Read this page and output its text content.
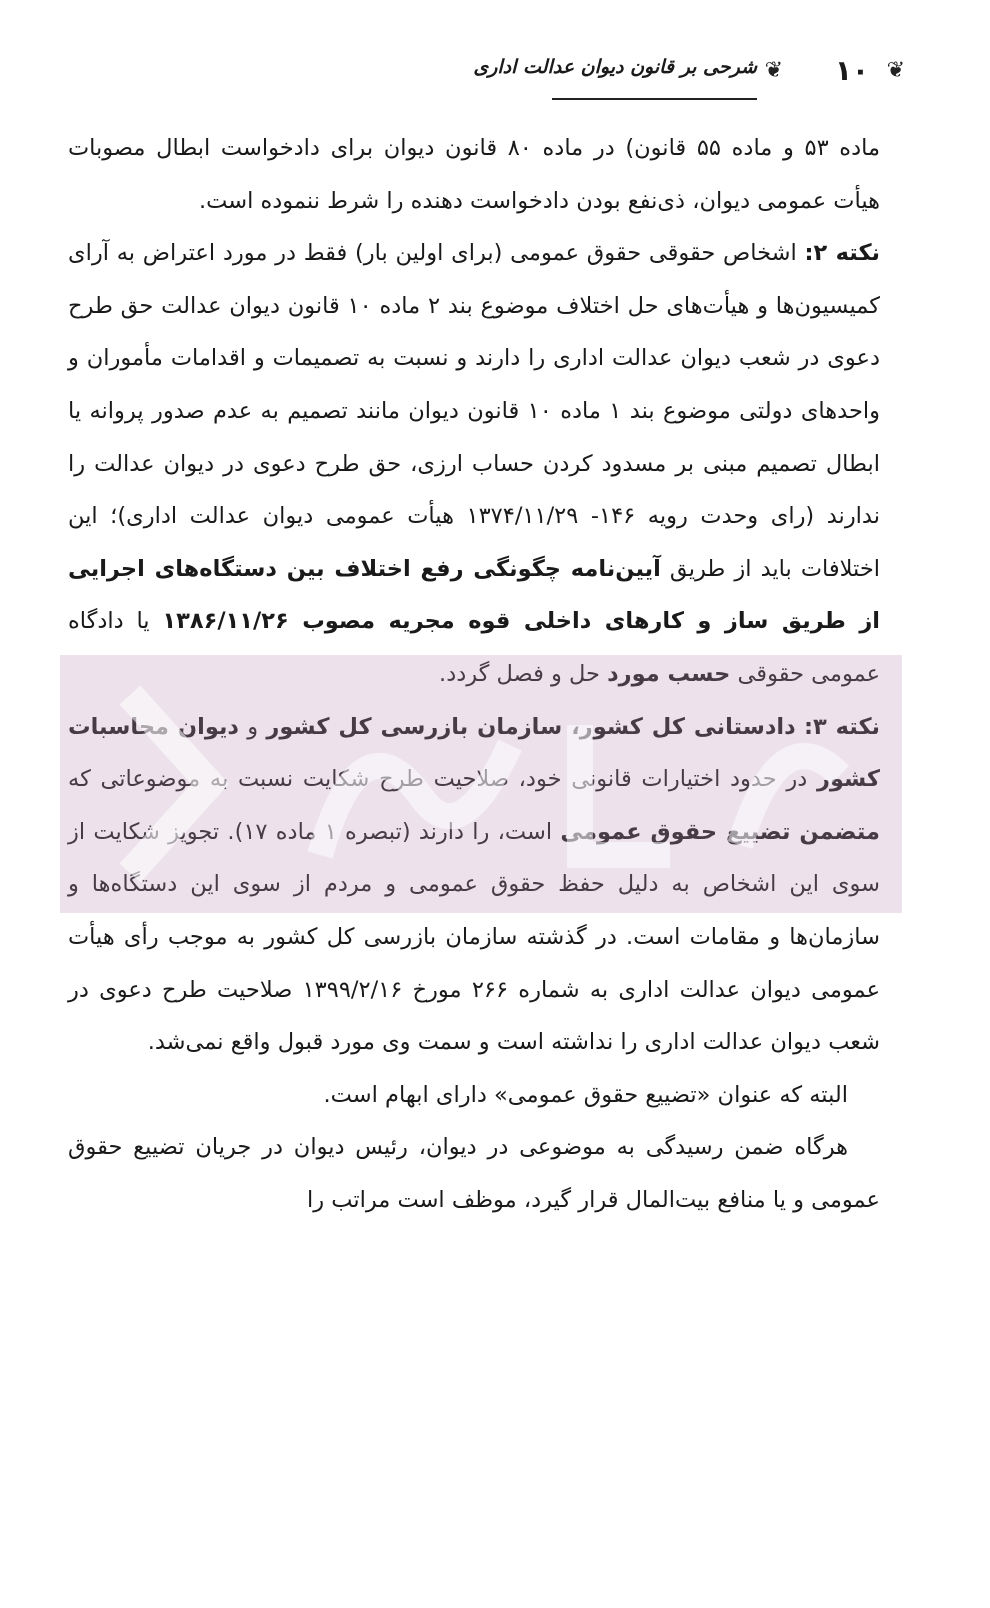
❦
۱۰
❦
شرحی بر قانون دیوان عدالت اداری

ماده ۵۳ و ماده ۵۵ قانون) در ماده ۸۰ قانون دیوان برای دادخواست ابطال مصوبات هیأت عمومی دیوان، ذی‌نفع بودن دادخواست دهنده را شرط ننموده است.

نکته ۲: اشخاص حقوقی حقوق عمومی (برای اولین بار) فقط در مورد اعتراض به آرای کمیسیون‌ها و هیأت‌های حل اختلاف موضوع بند ۲ ماده ۱۰ قانون دیوان عدالت حق طرح دعوی در شعب دیوان عدالت اداری را دارند و نسبت به تصمیمات و اقدامات مأموران و واحدهای دولتی موضوع بند ۱ ماده ۱۰ قانون دیوان مانند تصمیم به عدم صدور پروانه یا ابطال تصمیم مبنی بر مسدود کردن حساب ارزی، حق طرح دعوی در دیوان عدالت را ندارند (رای وحدت رویه ۱۴۶- ۱۳۷۴/۱۱/۲۹ هیأت عمومی دیوان عدالت اداری)؛ این اختلافات باید از طریق آیین‌نامه چگونگی رفع اختلاف بین دستگاه‌های اجرایی از طریق ساز و کارهای داخلی قوه مجریه مصوب ۱۳۸۶/۱۱/۲۶ یا دادگاه عمومی حقوقی حسب مورد حل و فصل گردد.

نکته ۳: دادستانی کل کشور، سازمان بازرسی کل کشور و دیوان محاسبات کشور در حدود اختیارات قانونی خود، صلاحیت طرح شکایت نسبت به موضوعاتی که متضمن تضییع حقوق عمومی است، را دارند (تبصره ۱ ماده ۱۷). تجویز شکایت از سوی این اشخاص به دلیل حفظ حقوق عمومی و مردم از سوی این دستگاه‌ها و سازمان‌ها و مقامات است. در گذشته سازمان بازرسی کل کشور به موجب رأی هیأت عمومی دیوان عدالت اداری به شماره ۲۶۶ مورخ ۱۳۹۹/۲/۱۶ صلاحیت طرح دعوی در شعب دیوان عدالت اداری را نداشته است و سمت وی مورد قبول واقع نمی‌شد.

البته که عنوان «تضییع حقوق عمومی» دارای ابهام است.

هرگاه ضمن رسیدگی به موضوعی در دیوان، رئیس دیوان در جریان تضییع حقوق عمومی و یا منافع بیت‌المال قرار گیرد، موظف است مراتب را
